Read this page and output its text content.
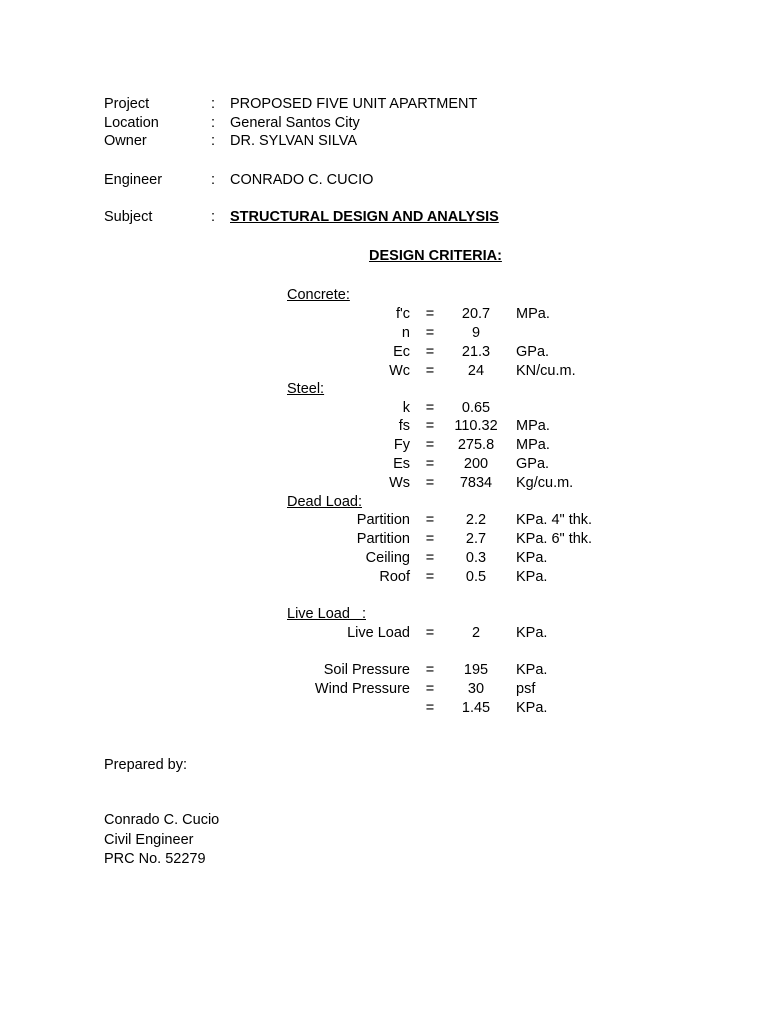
Project	: PROPOSED FIVE UNIT APARTMENT
Location	: General Santos City
Owner	: DR. SYLVAN SILVA
Engineer	: CONRADO C. CUCIO
Subject	: STRUCTURAL DESIGN AND ANALYSIS
DESIGN CRITERIA:
Concrete:
f'c	=	20.7	MPa.
n	=	9
Ec	=	21.3	GPa.
Wc	=	24	KN/cu.m.
Steel:
k	=	0.65
fs	=	110.32	MPa.
Fy	=	275.8	MPa.
Es	=	200	GPa.
Ws	=	7834	Kg/cu.m.
Dead Load:
Partition	=	2.2	KPa. 4" thk.
Partition	=	2.7	KPa. 6" thk.
Ceiling	=	0.3	KPa.
Roof	=	0.5	KPa.
Live Load   :
Live Load	=	2	KPa.
Soil Pressure	=	195	KPa.
Wind Pressure	=	30	psf
=	1.45	KPa.
Prepared by:
Conrado C. Cucio
Civil Engineer
PRC No. 52279
